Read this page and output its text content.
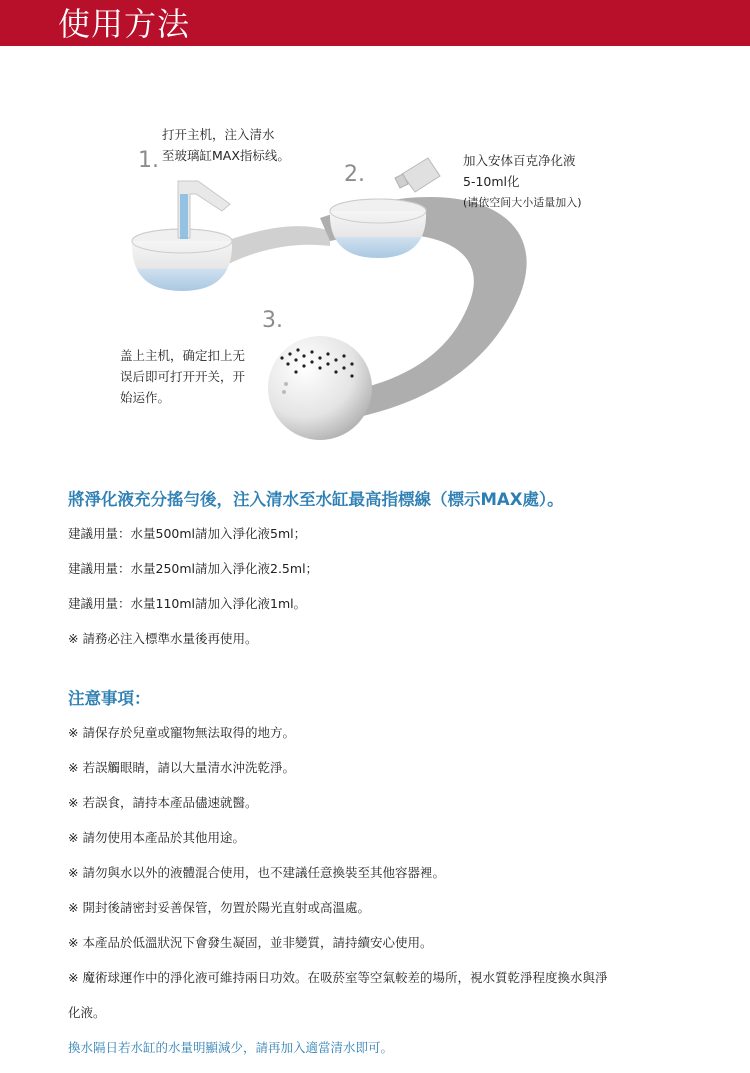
使用方法
1.
打开主机，注入清水
至玻璃缸MAX指标线。
2.
加入安体百克净化液
5-10ml化
(请依空间大小适量加入)
3.
盖上主机，确定扣上无
误后即可打开开关，开
始运作。
將淨化液充分搖勻後，注入清水至水缸最高指標線（標示MAX處）。

建議用量：水量500ml請加入淨化液5ml；

建議用量：水量250ml請加入淨化液2.5ml；

建議用量：水量110ml請加入淨化液1ml。

※ 請務必注入標準水量後再使用。

注意事項：

※ 請保存於兒童或寵物無法取得的地方。

※ 若誤觸眼睛，請以大量清水沖洗乾淨。

※ 若誤食，請持本產品儘速就醫。

※ 請勿使用本產品於其他用途。

※ 請勿與水以外的液體混合使用，也不建議任意換裝至其他容器裡。

※ 開封後請密封妥善保管，勿置於陽光直射或高溫處。

※ 本產品於低溫狀況下會發生凝固，並非變質，請持續安心使用。

※ 魔術球運作中的淨化液可維持兩日功效。在吸菸室等空氣較差的場所，視水質乾淨程度換水與淨

化液。

換水隔日若水缸的水量明顯減少，請再加入適當清水即可。
